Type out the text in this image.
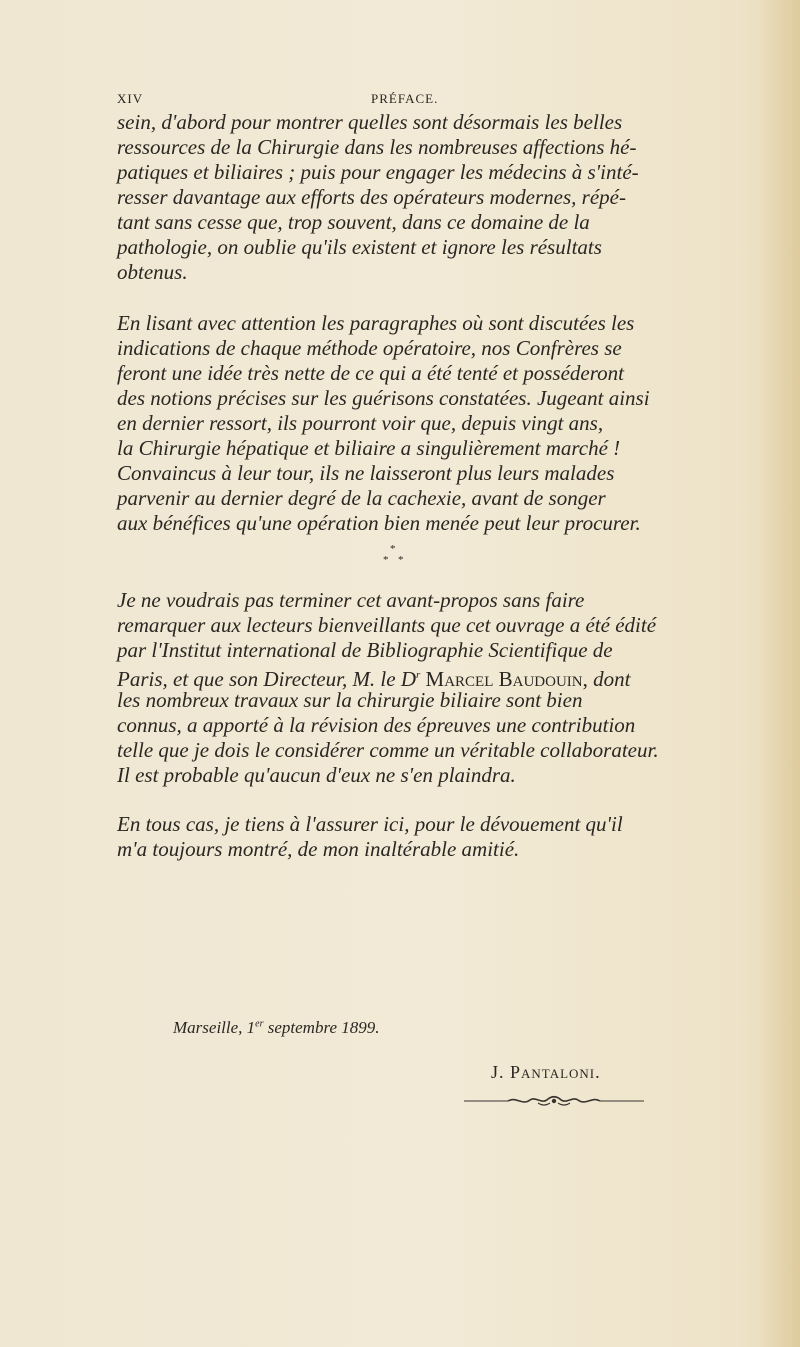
XIV	PRÉFACE.

sein, d'abord pour montrer quelles sont désormais les belles
ressources de la Chirurgie dans les nombreuses affections hé-
patiques et biliaires ; puis pour engager les médecins à s'inté-
resser davantage aux efforts des opérateurs modernes, répé-
tant sans cesse que, trop souvent, dans ce domaine de la
pathologie, on oublie qu'ils existent et ignore les résultats
obtenus.

En lisant avec attention les paragraphes où sont discutées les
indications de chaque méthode opératoire, nos Confrères se
feront une idée très nette de ce qui a été tenté et posséderont
des notions précises sur les guérisons constatées. Jugeant ainsi
en dernier ressort, ils pourront voir que, depuis vingt ans,
la Chirurgie hépatique et biliaire a singulièrement marché !
Convaincus à leur tour, ils ne laisseront plus leurs malades
parvenir au dernier degré de la cachexie, avant de songer
aux bénéfices qu'une opération bien menée peut leur procurer.

*
* *

Je ne voudrais pas terminer cet avant-propos sans faire
remarquer aux lecteurs bienveillants que cet ouvrage a été édité
par l'Institut international de Bibliographie Scientifique de
Paris, et que son Directeur, M. le $D^r$ Marcel Baudouin, dont
les nombreux travaux sur la chirurgie biliaire sont bien
connus, a apporté à la révision des épreuves une contribution
telle que je dois le considérer comme un véritable collaborateur.
Il est probable qu'aucun d'eux ne s'en plaindra.

En tous cas, je tiens à l'assurer ici, pour le dévouement qu'il
m'a toujours montré, de mon inaltérable amitié.

Marseille, 1er septembre 1899.
J. Pantaloni.
